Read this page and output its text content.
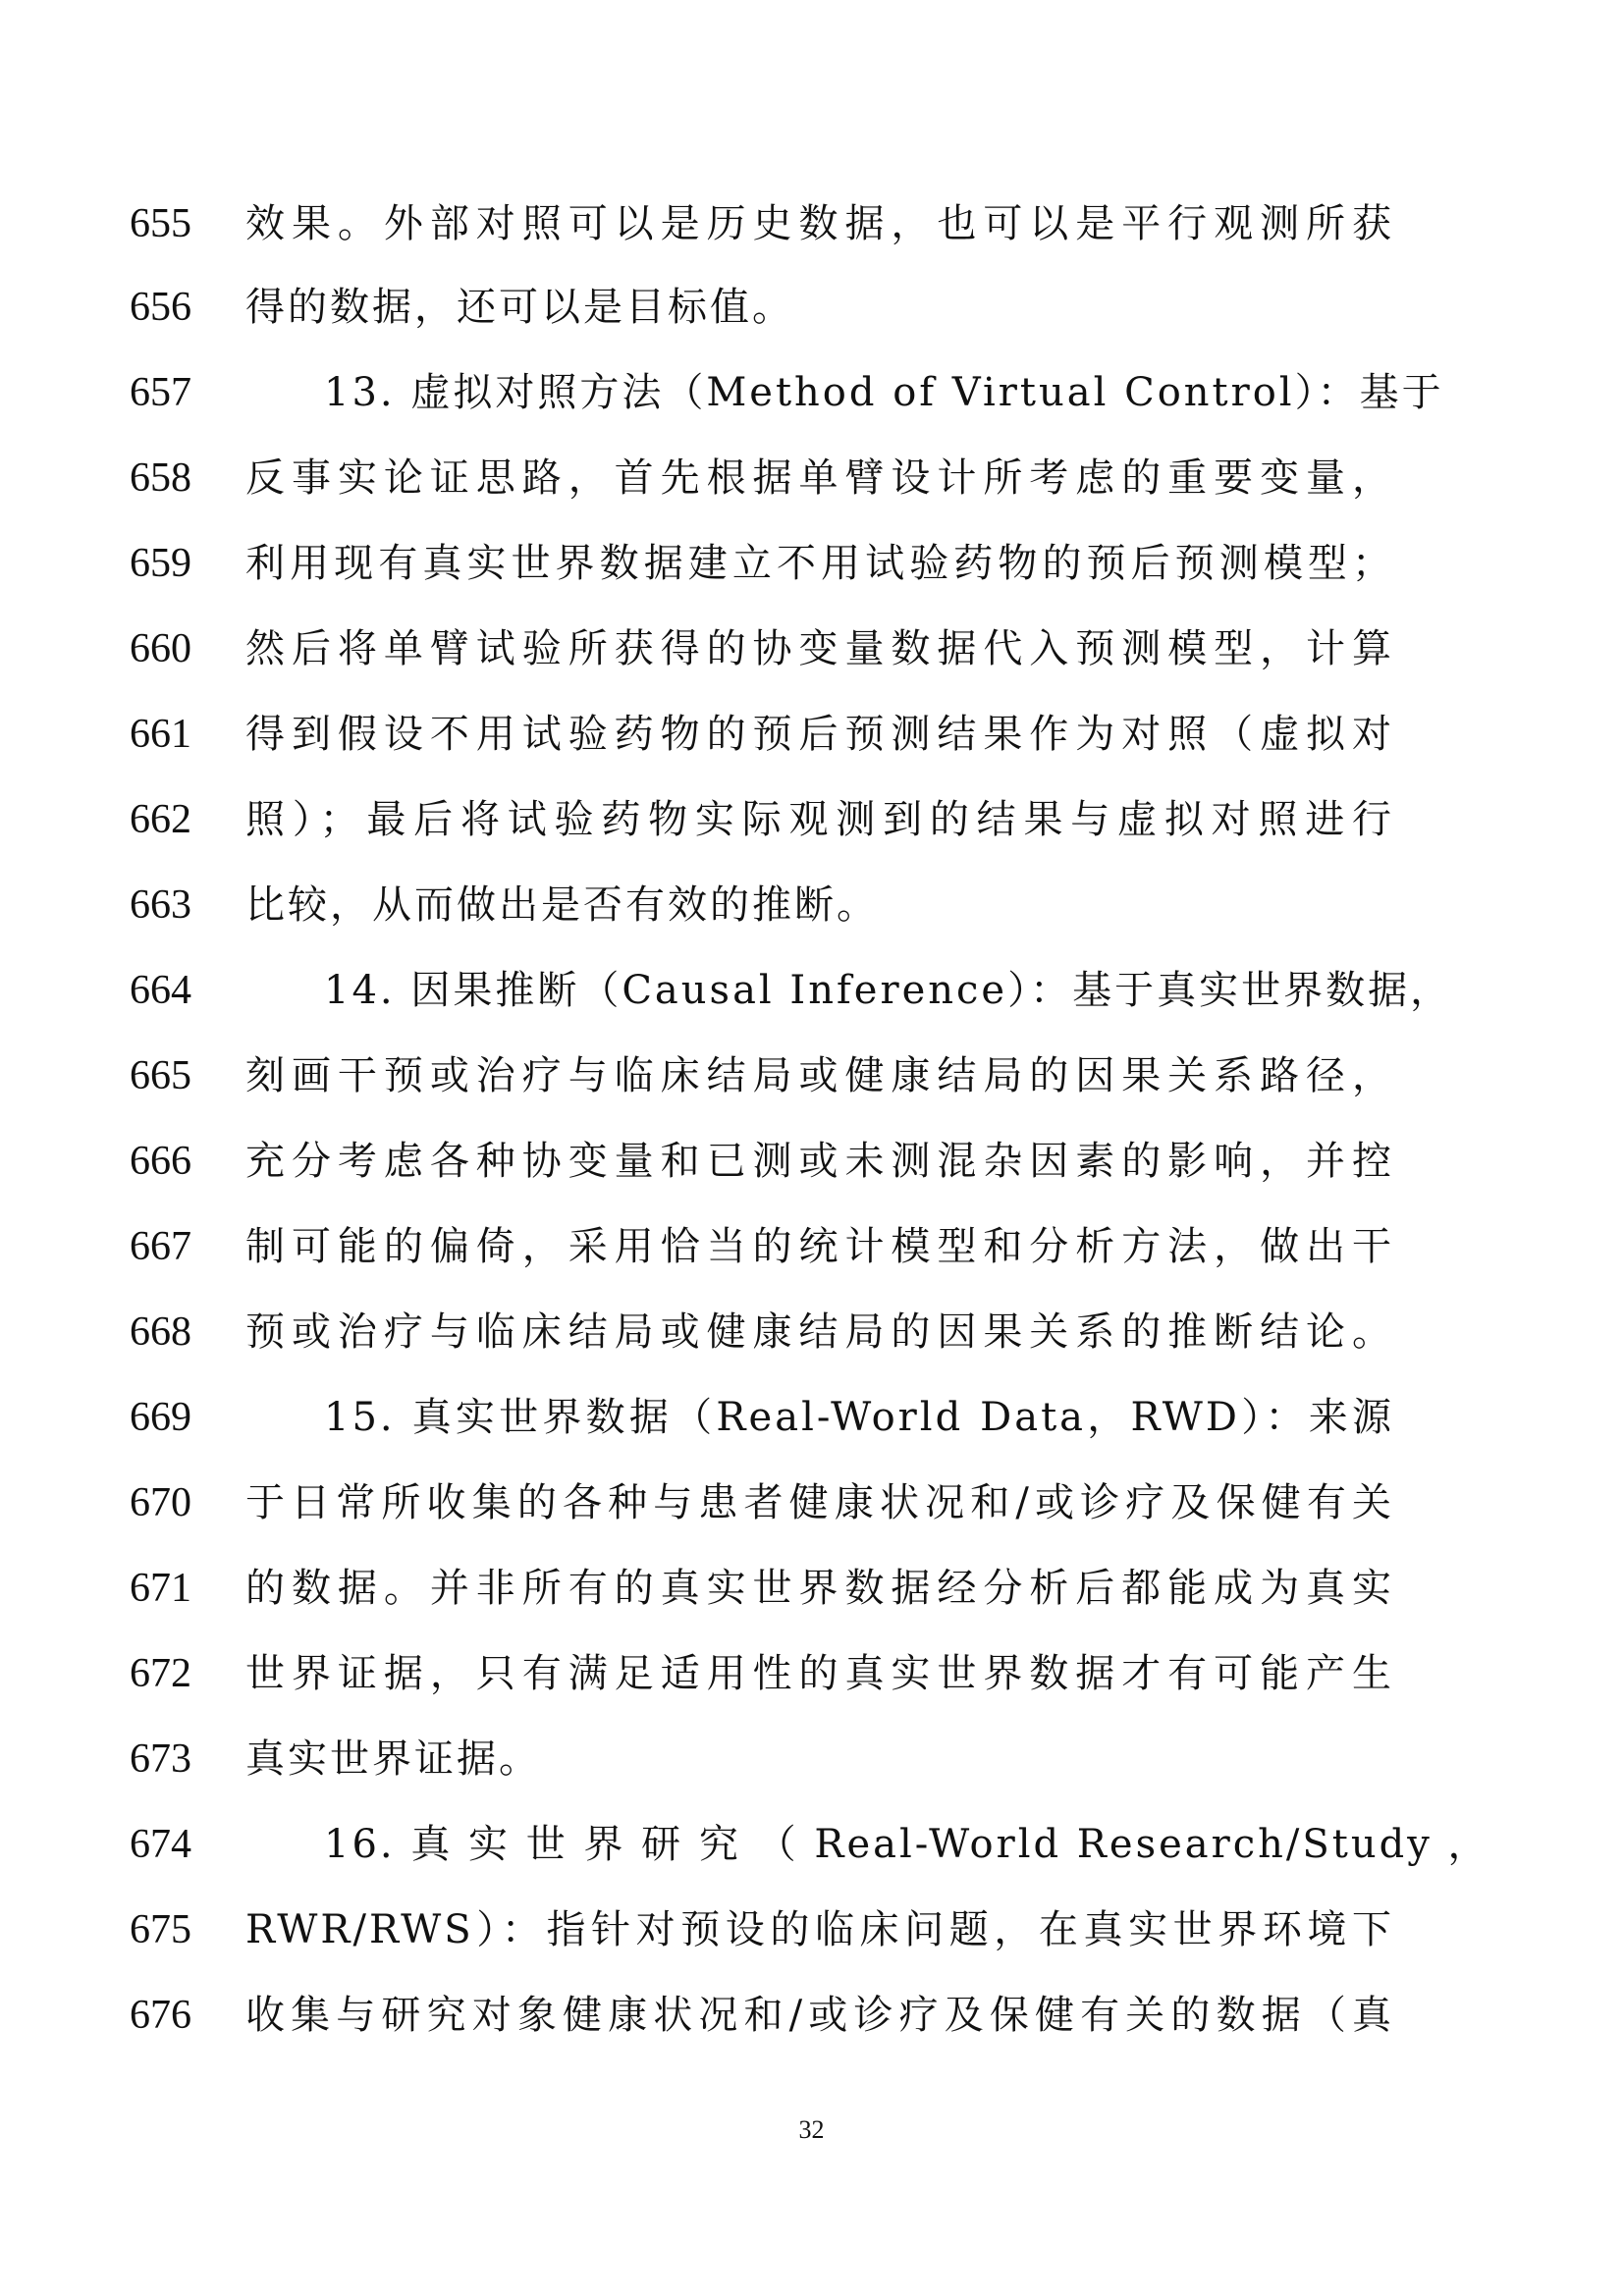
655	效果。外部对照可以是历史数据，也可以是平行观测所获
656	得的数据，还可以是目标值。
657	13. 虚拟对照方法（Method of Virtual Control）：基于
658	反事实论证思路，首先根据单臂设计所考虑的重要变量，
659	利用现有真实世界数据建立不用试验药物的预后预测模型；
660	然后将单臂试验所获得的协变量数据代入预测模型，计算
661	得到假设不用试验药物的预后预测结果作为对照（虚拟对
662	照）；最后将试验药物实际观测到的结果与虚拟对照进行
663	比较，从而做出是否有效的推断。
664	14. 因果推断（Causal Inference）：基于真实世界数据，
665	刻画干预或治疗与临床结局或健康结局的因果关系路径，
666	充分考虑各种协变量和已测或未测混杂因素的影响，并控
667	制可能的偏倚，采用恰当的统计模型和分析方法，做出干
668	预或治疗与临床结局或健康结局的因果关系的推断结论。
669	15. 真实世界数据（Real-World Data，RWD）：来源
670	于日常所收集的各种与患者健康状况和/或诊疗及保健有关
671	的数据。并非所有的真实世界数据经分析后都能成为真实
672	世界证据，只有满足适用性的真实世界数据才有可能产生
673	真实世界证据。
674	16. 真 实 世 界 研 究 （ Real-World Research/Study ，
675	RWR/RWS）：指针对预设的临床问题，在真实世界环境下
676	收集与研究对象健康状况和/或诊疗及保健有关的数据（真
32
